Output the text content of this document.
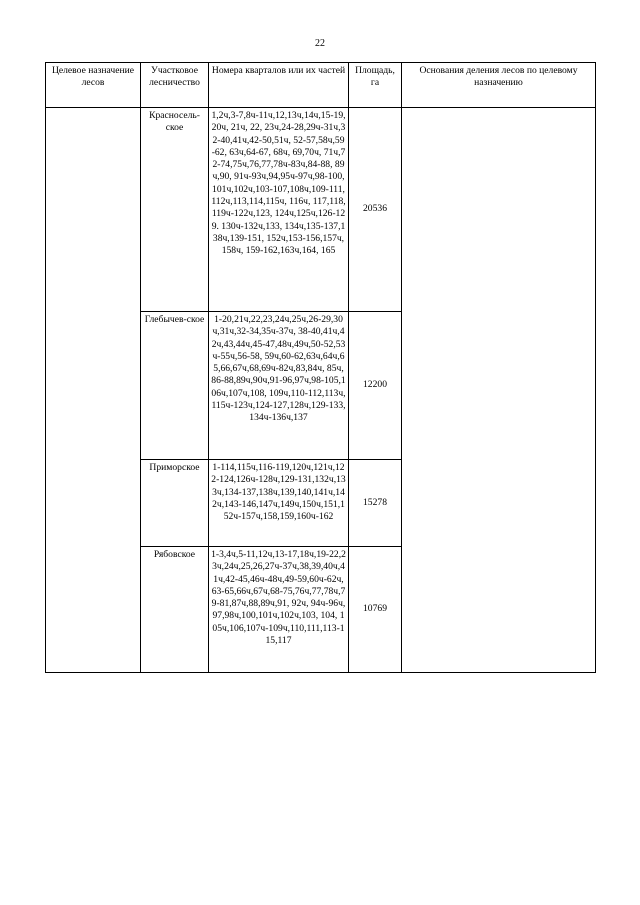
22
Целевое назначение лесов	Участковое лесничество	Номера кварталов или их частей	Площадь, га	Основания деления лесов по целевому назначению
	Красносель-ское	1,2ч,3-7,8ч-11ч,12,13ч,14ч,15-19,20ч, 21ч, 22, 23ч,24-28,29ч-31ч,32-40,41ч,42-50,51ч, 52-57,58ч,59-62, 63ч,64-67, 68ч, 69,70ч, 71ч,72-74,75ч,76,77,78ч-83ч,84-88, 89ч,90, 91ч-93ч,94,95ч-97ч,98-100,101ч,102ч,103-107,108ч,109-111, 112ч,113,114,115ч, 116ч, 117,118,119ч-122ч,123, 124ч,125ч,126-129. 130ч-132ч,133, 134ч,135-137,138ч,139-151, 152ч,153-156,157ч,158ч, 159-162,163ч,164, 165	20536	
	Глебычев-ское	1-20,21ч,22,23,24ч,25ч,26-29,30ч,31ч,32-34,35ч-37ч, 38-40,41ч,42ч,43,44ч,45-47,48ч,49ч,50-52,53ч-55ч,56-58, 59ч,60-62,63ч,64ч,65,66,67ч,68,69ч-82ч,83,84ч, 85ч,86-88,89ч,90ч,91-96,97ч,98-105,106ч,107ч,108, 109ч,110-112,113ч,115ч-123ч,124-127,128ч,129-133, 134ч-136ч,137	12200	
	Приморское	1-114,115ч,116-119,120ч,121ч,122-124,126ч-128ч,129-131,132ч,133ч,134-137,138ч,139,140,141ч,142ч,143-146,147ч,149ч,150ч,151,152ч-157ч,158,159,160ч-162	15278	
	Рябовское	1-3,4ч,5-11,12ч,13-17,18ч,19-22,23ч,24ч,25,26,27ч-37ч,38,39,40ч,41ч,42-45,46ч-48ч,49-59,60ч-62ч,63-65,66ч,67ч,68-75,76ч,77,78ч,79-81,87ч,88,89ч,91, 92ч, 94ч-96ч,97,98ч,100,101ч,102ч,103, 104, 105ч,106,107ч-109ч,110,111,113-115,117	10769	
